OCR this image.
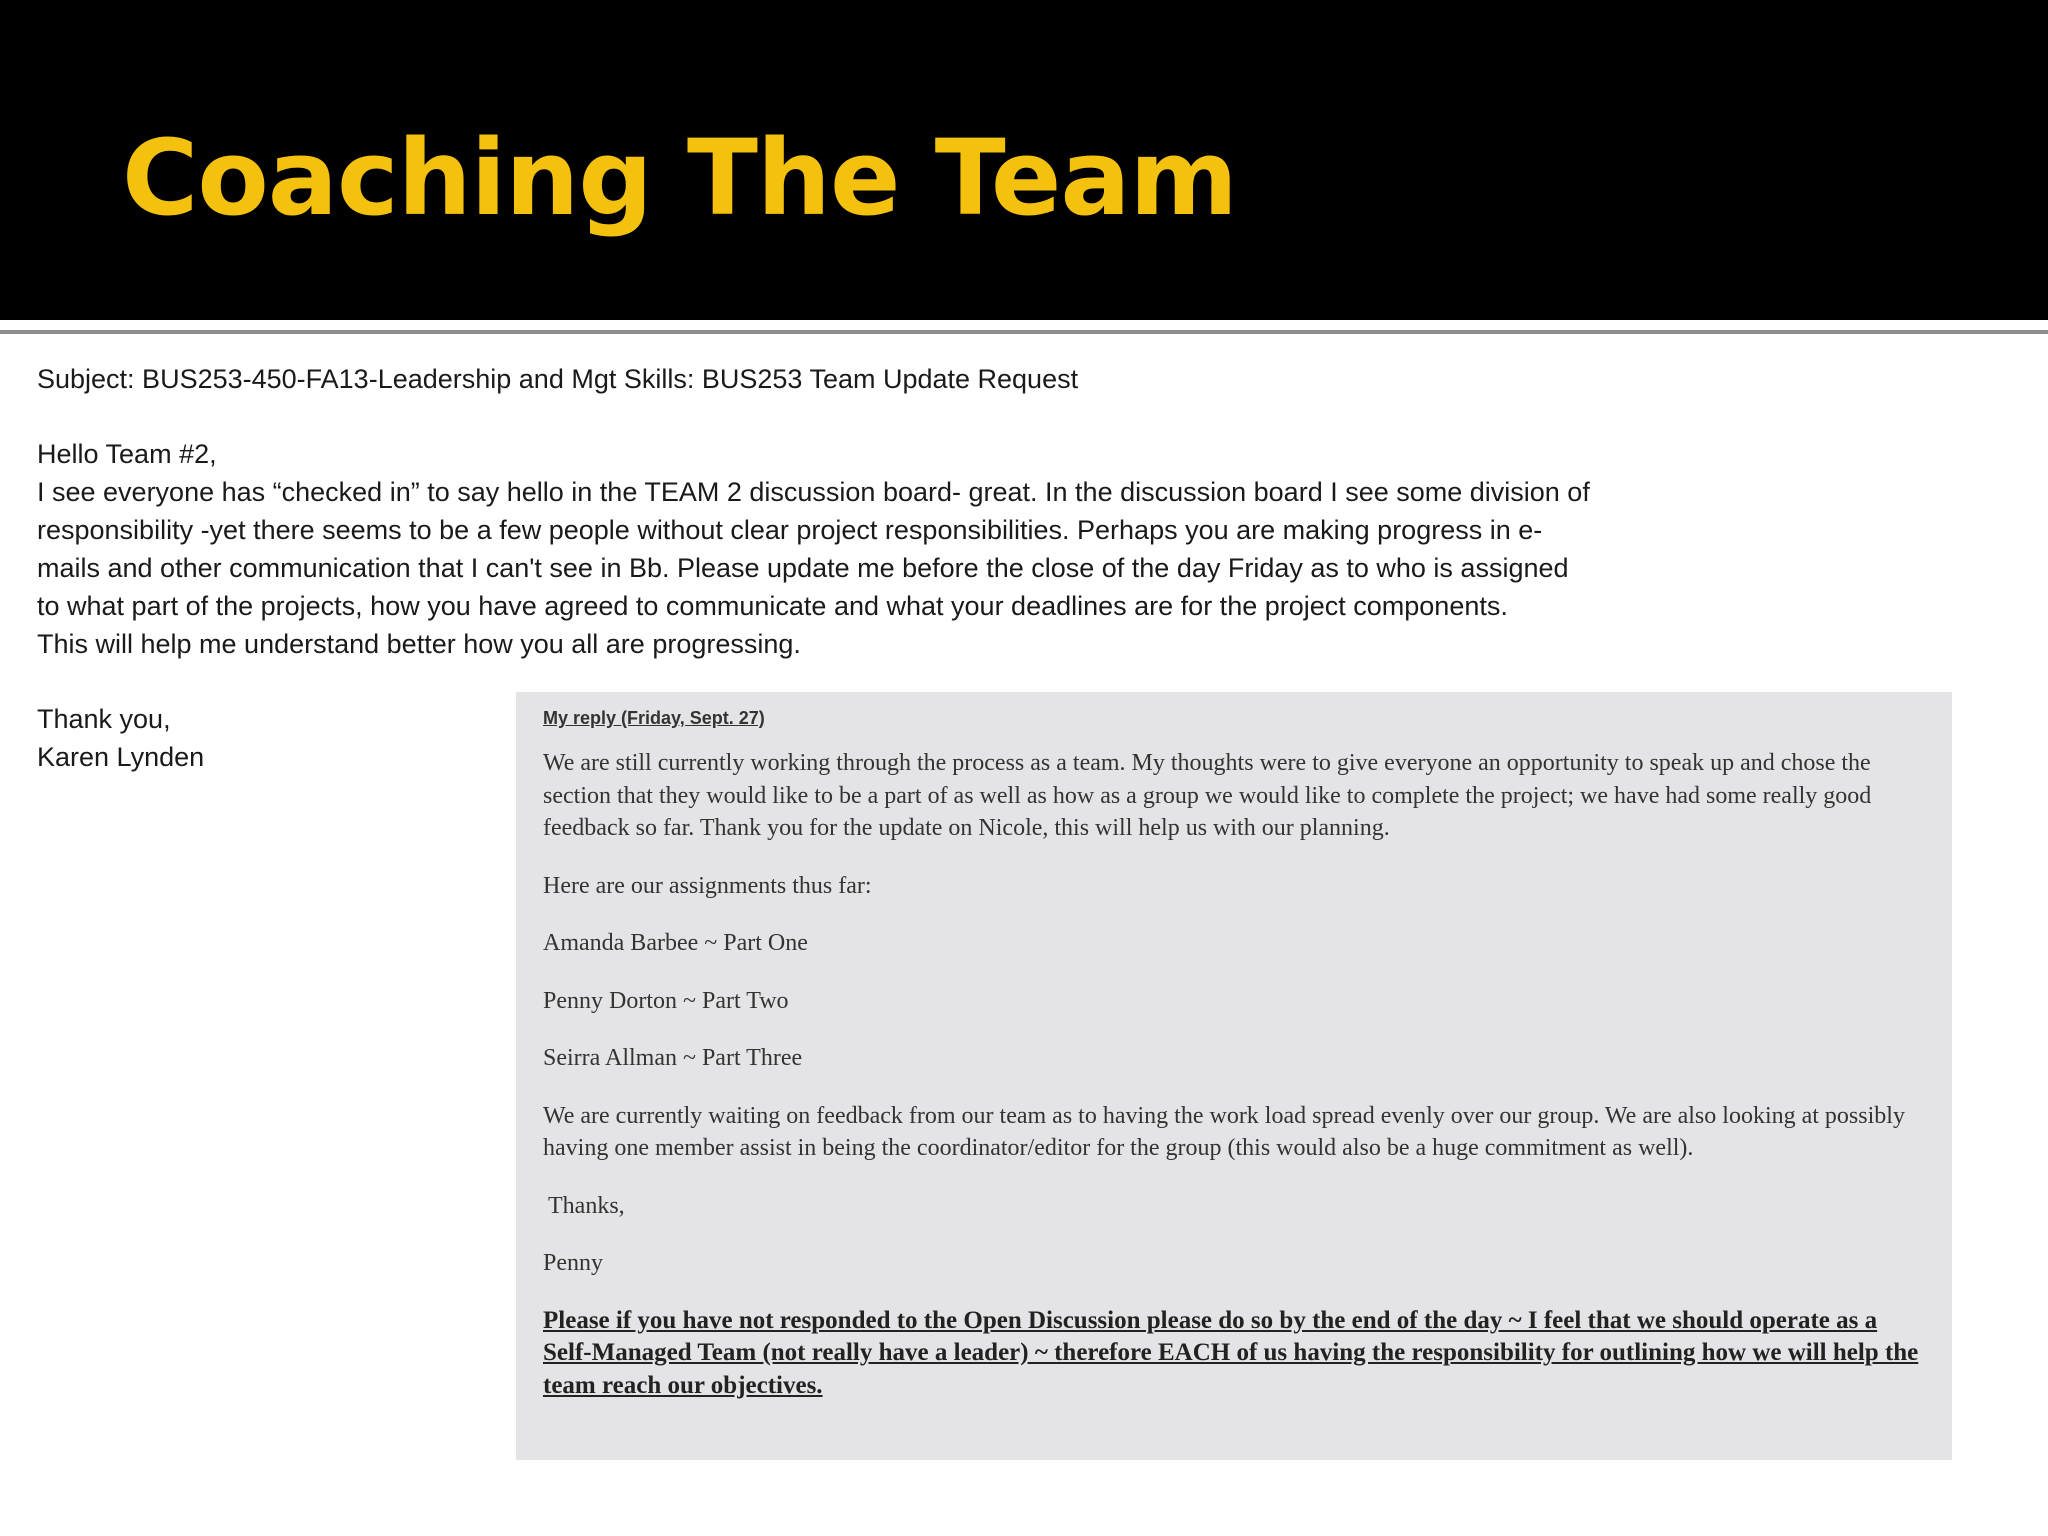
Coaching The Team
Subject: BUS253-450-FA13-Leadership and Mgt Skills: BUS253 Team Update Request
Hello Team #2,
I see everyone has “checked in” to say hello in the TEAM 2 discussion board- great. In the discussion board I see some division of
responsibility -yet there seems to be a few people without clear project responsibilities. Perhaps you are making progress in e-
mails and other communication that I can't see in Bb. Please update me before the close of the day Friday as to who is assigned
to what part of the projects, how you have agreed to communicate and what your deadlines are for the project components.
This will help me understand better how you all are progressing.
Thank you,
Karen Lynden
My reply (Friday, Sept. 27)

We are still currently working through the process as a team. My thoughts were to give everyone an opportunity to speak up and chose the section that they would like to be a part of as well as how as a group we would like to complete the project; we have had some really good feedback so far. Thank you for the update on Nicole, this will help us with our planning.

Here are our assignments thus far:

Amanda Barbee ~ Part One

Penny Dorton ~ Part Two

Seirra Allman ~ Part Three

We are currently waiting on feedback from our team as to having the work load spread evenly over our group. We are also looking at possibly having one member assist in being the coordinator/editor for the group (this would also be a huge commitment as well).

Thanks,

Penny

Please if you have not responded to the Open Discussion please do so by the end of the day ~ I feel that we should operate as a Self-Managed Team (not really have a leader) ~ therefore EACH of us having the responsibility for outlining how we will help the team reach our objectives.
